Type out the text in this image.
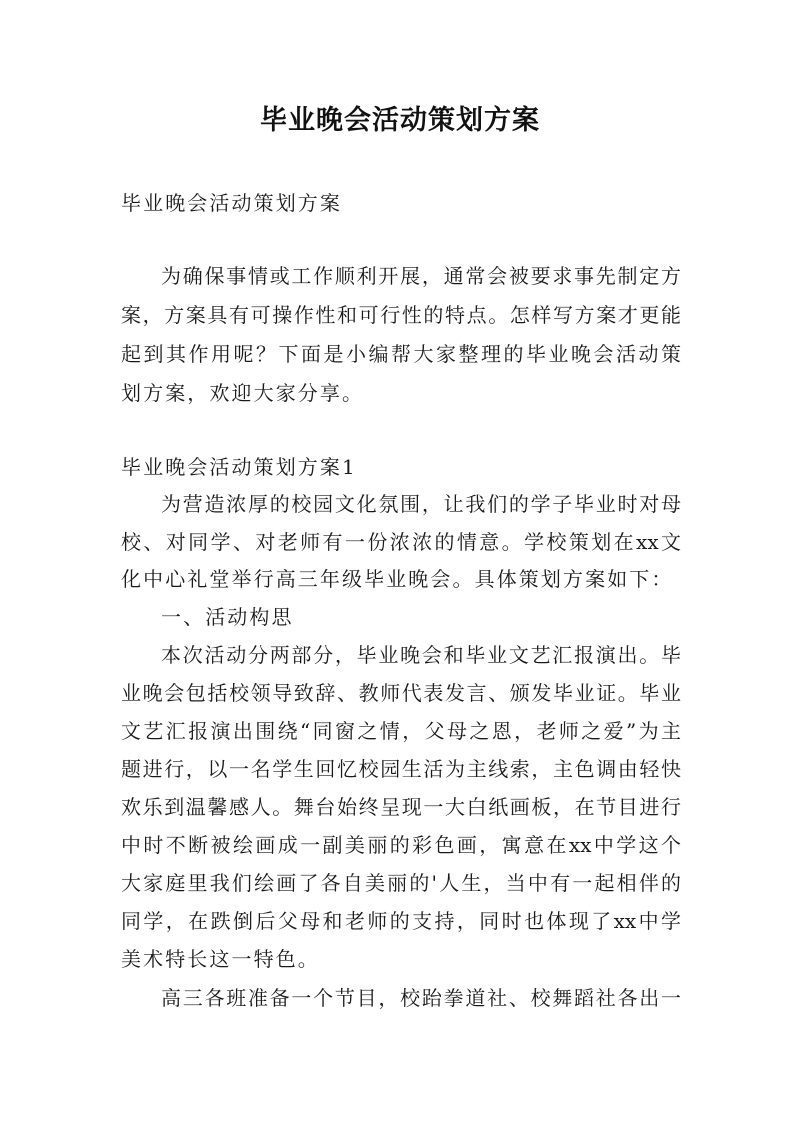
毕业晚会活动策划方案
毕业晚会活动策划方案
为确保事情或工作顺利开展，通常会被要求事先制定方
案，方案具有可操作性和可行性的特点。怎样写方案才更能
起到其作用呢？下面是小编帮大家整理的毕业晚会活动策
划方案，欢迎大家分享。
毕业晚会活动策划方案1
为营造浓厚的校园文化氛围，让我们的学子毕业时对母
校、对同学、对老师有一份浓浓的情意。学校策划在xx文
化中心礼堂举行高三年级毕业晚会。具体策划方案如下：
一、活动构思
本次活动分两部分，毕业晚会和毕业文艺汇报演出。毕
业晚会包括校领导致辞、教师代表发言、颁发毕业证。毕业
文艺汇报演出围绕“同窗之情，父母之恩，老师之爱”为主
题进行，以一名学生回忆校园生活为主线索，主色调由轻快
欢乐到温馨感人。舞台始终呈现一大白纸画板，在节目进行
中时不断被绘画成一副美丽的彩色画，寓意在xx中学这个
大家庭里我们绘画了各自美丽的'人生，当中有一起相伴的
同学，在跌倒后父母和老师的支持，同时也体现了xx中学
美术特长这一特色。
高三各班准备一个节目，校跆拳道社、校舞蹈社各出一
